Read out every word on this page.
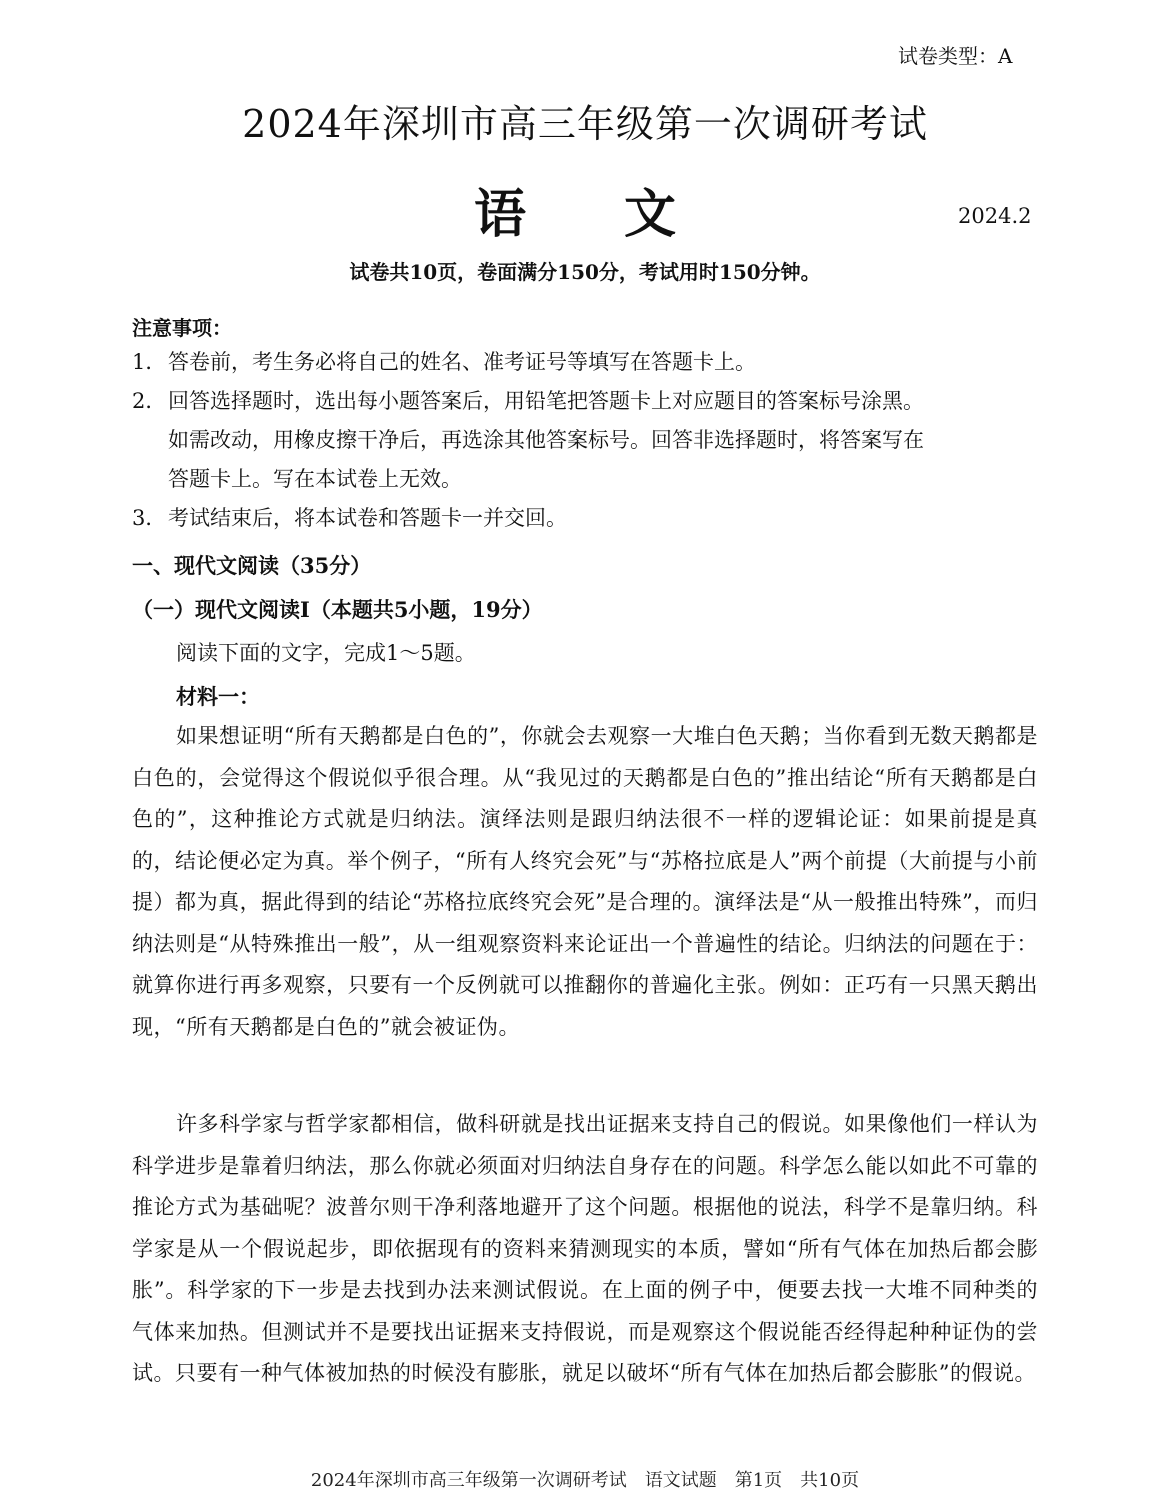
试卷类型：A
2024年深圳市高三年级第一次调研考试
语 文	2024.2
试卷共10页，卷面满分150分，考试用时150分钟。
注意事项：
1．答卷前，考生务必将自己的姓名、准考证号等填写在答题卡上。
2．回答选择题时，选出每小题答案后，用铅笔把答题卡上对应题目的答案标号涂黑。
如需改动，用橡皮擦干净后，再选涂其他答案标号。回答非选择题时，将答案写在
答题卡上。写在本试卷上无效。
3．考试结束后，将本试卷和答题卡一并交回。
一、现代文阅读（35分）
（一）现代文阅读Ⅰ（本题共5小题，19分）
阅读下面的文字，完成1～5题。
材料一：

如果想证明“所有天鹅都是白色的”，你就会去观察一大堆白色天鹅；当你看到无数天鹅都是白色的，会觉得这个假说似乎很合理。从“我见过的天鹅都是白色的”推出结论“所有天鹅都是白色的”，这种推论方式就是归纳法。演绎法则是跟归纳法很不一样的逻辑论证：如果前提是真的，结论便必定为真。举个例子，“所有人终究会死”与“苏格拉底是人”两个前提（大前提与小前提）都为真，据此得到的结论“苏格拉底终究会死”是合理的。演绎法是“从一般推出特殊”，而归纳法则是“从特殊推出一般”，从一组观察资料来论证出一个普遍性的结论。归纳法的问题在于：就算你进行再多观察，只要有一个反例就可以推翻你的普遍化主张。例如：正巧有一只黑天鹅出现，“所有天鹅都是白色的”就会被证伪。

许多科学家与哲学家都相信，做科研就是找出证据来支持自己的假说。如果像他们一样认为科学进步是靠着归纳法，那么你就必须面对归纳法自身存在的问题。科学怎么能以如此不可靠的推论方式为基础呢？波普尔则干净利落地避开了这个问题。根据他的说法，科学不是靠归纳。科学家是从一个假说起步，即依据现有的资料来猜测现实的本质，譬如“所有气体在加热后都会膨胀”。科学家的下一步是去找到办法来测试假说。在上面的例子中，便要去找一大堆不同种类的气体来加热。但测试并不是要找出证据来支持假说，而是观察这个假说能否经得起种种证伪的尝试。只要有一种气体被加热的时候没有膨胀，就足以破坏“所有气体在加热后都会膨胀”的假说。

2024年深圳市高三年级第一次调研考试　语文试题　第1页　共10页
